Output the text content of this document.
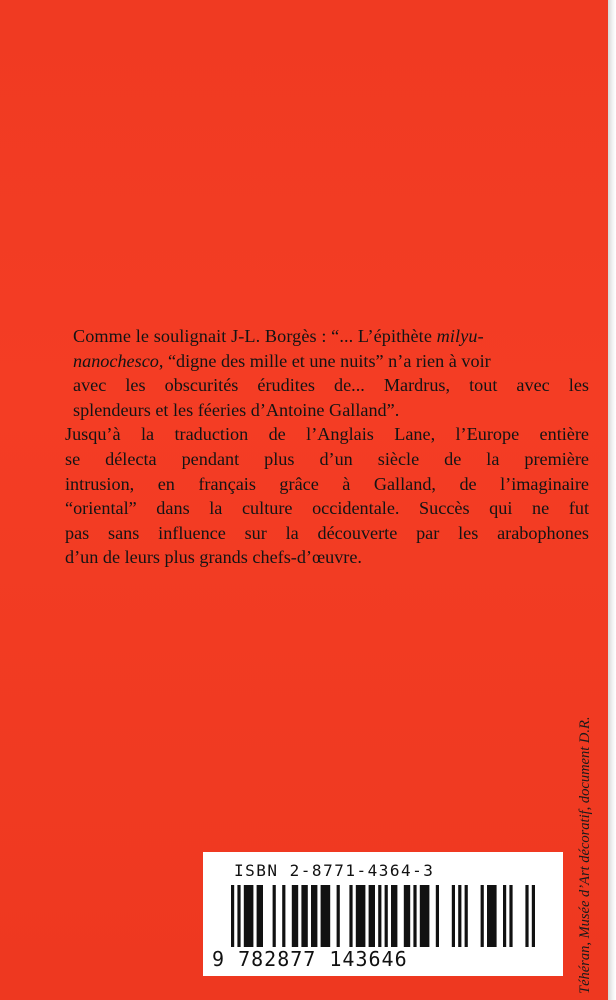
Comme le soulignait J-L. Borgès : “... L’épithète milyu-
nanochesco, “digne des mille et une nuits” n’a rien à voir
avec les obscurités érudites de... Mardrus, tout avec les
splendeurs et les féeries d’Antoine Galland”.
Jusqu’à la traduction de l’Anglais Lane, l’Europe entière
se délecta pendant plus d’un siècle de la première
intrusion, en français grâce à Galland, de l’imaginaire
“oriental” dans la culture occidentale. Succès qui ne fut
pas sans influence sur la découverte par les arabophones
d’un de leurs plus grands chefs-d’œuvre.
ISBN 2-8771-4364-3
9 782877 143646	Téhéran, Musée d’Art décoratif, document D.R.
